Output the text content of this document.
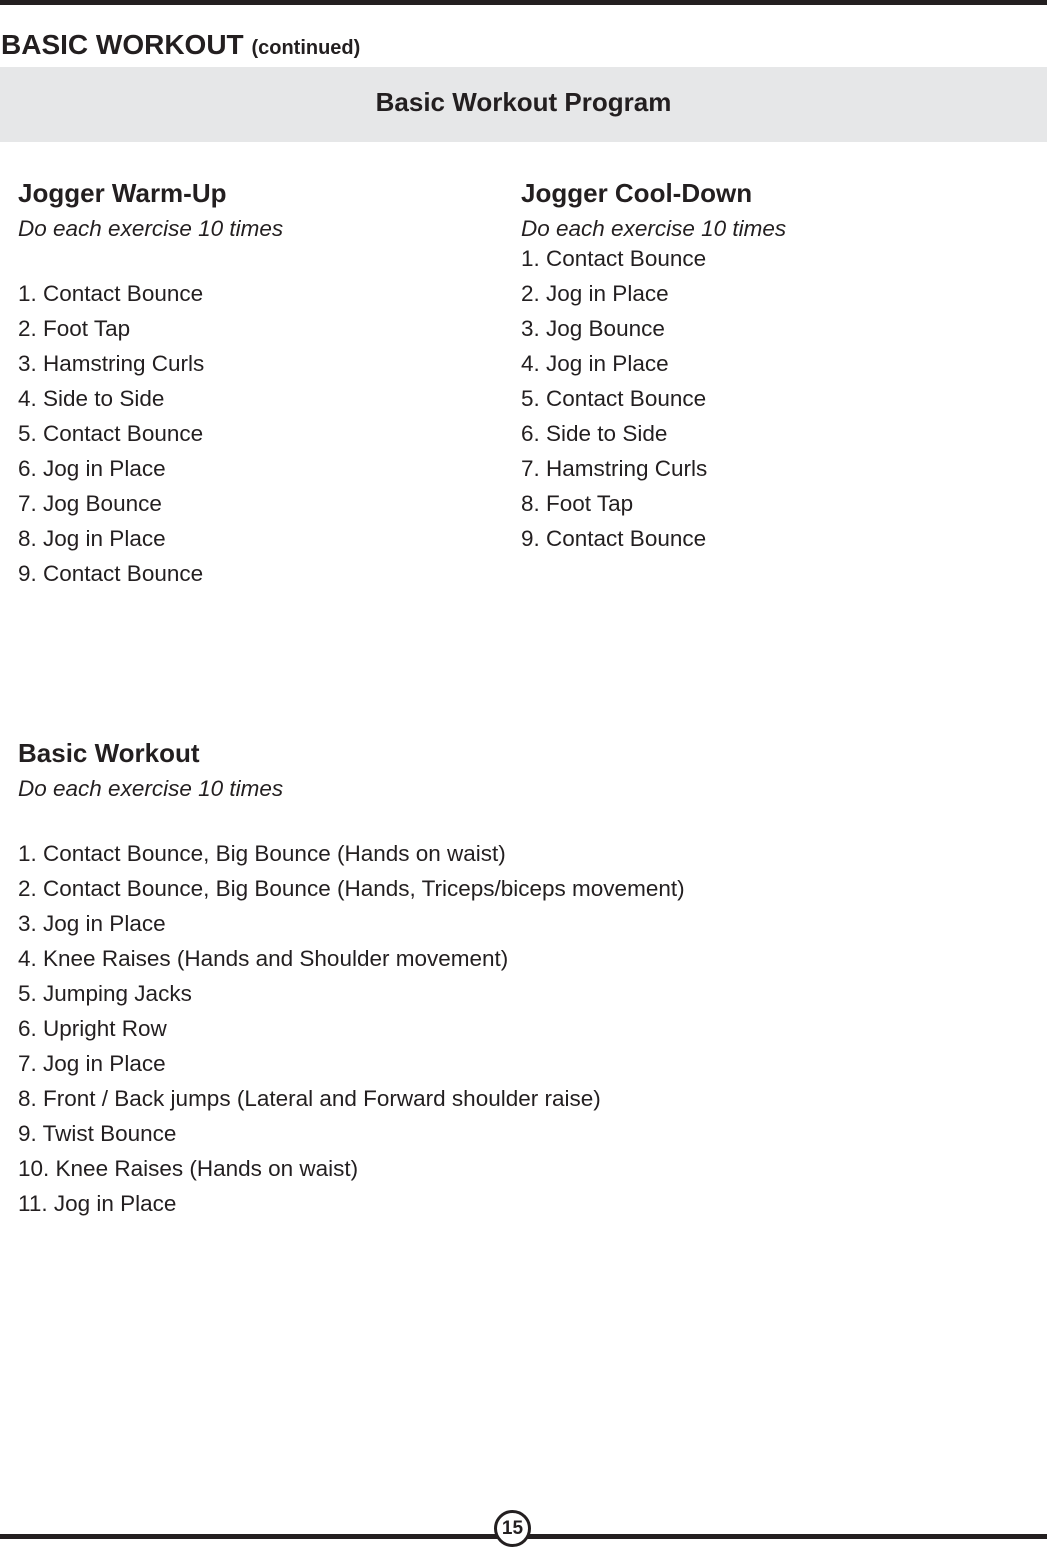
BASIC WORKOUT (continued)
Basic Workout Program
Jogger Warm-Up
Do each exercise 10 times
1. Contact Bounce
2. Foot Tap
3. Hamstring Curls
4. Side to Side
5. Contact Bounce
6. Jog in Place
7. Jog Bounce
8. Jog in Place
9. Contact Bounce
Jogger Cool-Down
Do each exercise 10 times
1. Contact Bounce
2. Jog in Place
3. Jog Bounce
4. Jog in Place
5. Contact Bounce
6. Side to Side
7. Hamstring Curls
8. Foot Tap
9. Contact Bounce
Basic Workout
Do each exercise 10 times
1. Contact Bounce, Big Bounce (Hands on waist)
2. Contact Bounce, Big Bounce (Hands, Triceps/biceps movement)
3. Jog in Place
4. Knee Raises (Hands and Shoulder movement)
5. Jumping Jacks
6. Upright Row
7. Jog in Place
8. Front / Back jumps (Lateral and Forward shoulder raise)
9. Twist Bounce
10. Knee Raises (Hands on waist)
11. Jog in Place
15
